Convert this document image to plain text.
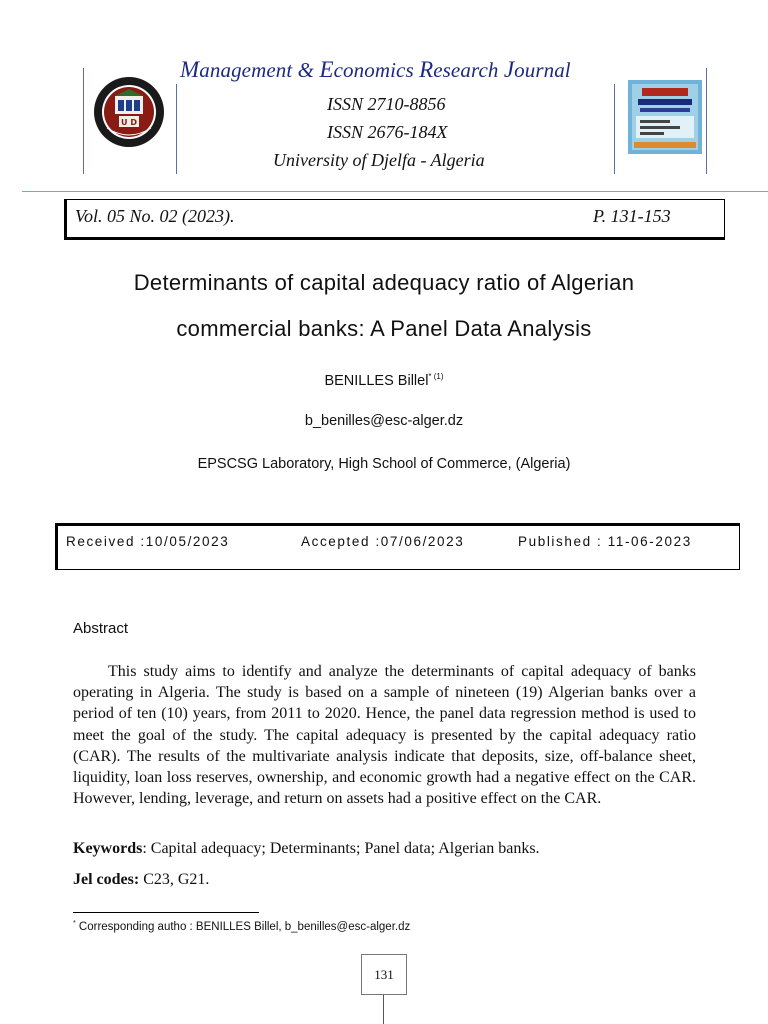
Management & Economics Research Journal
ISSN 2710-8856
ISSN 2676-184X
University of Djelfa - Algeria
U D
Vol. 05 No. 02 (2023).	P. 131-153
Determinants of capital adequacy ratio of Algerian
commercial banks: A Panel Data Analysis
BENILLES Billel$^{* (1)}$
b_benilles@esc-alger.dz
EPSCSG Laboratory, High School of Commerce, (Algeria)
Received :10/05/2023	Accepted :07/06/2023	Published : 11-06-2023
Abstract
This study aims to identify and analyze the determinants of capital adequacy of banks operating in Algeria. The study is based on a sample of nineteen (19) Algerian banks over a period of ten (10) years, from 2011 to 2020. Hence, the panel data regression method is used to meet the goal of the study. The capital adequacy is presented by the capital adequacy ratio (CAR). The results of the multivariate analysis indicate that deposits, size, off-balance sheet, liquidity, loan loss reserves, ownership, and economic growth had a negative effect on the CAR. However, lending, leverage, and return on assets had a positive effect on the CAR.
Keywords: Capital adequacy; Determinants; Panel data; Algerian banks.
Jel codes: C23, G21.
* Corresponding autho : BENILLES Billel, b_benilles@esc-alger.dz
131
